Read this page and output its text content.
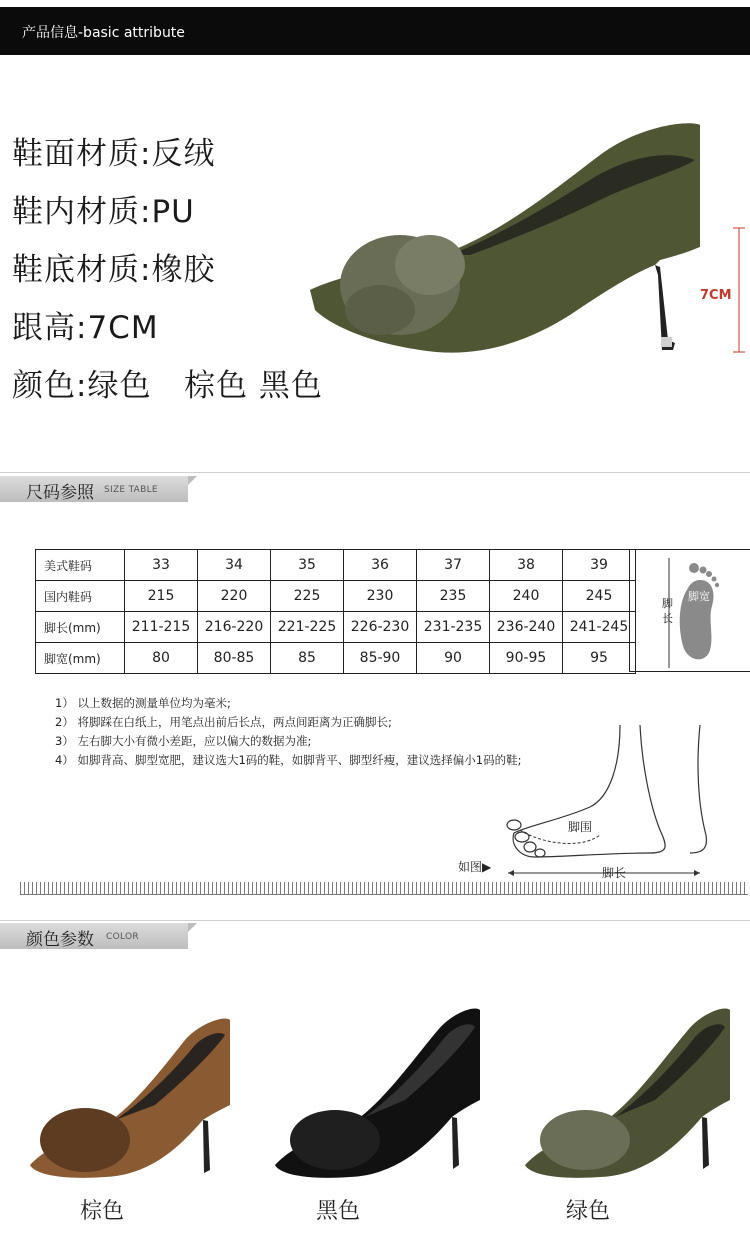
产品信息-basic attribute
鞋面材质:反绒
鞋内材质:PU
鞋底材质:橡胶
跟高:7CM
颜色:绿色   棕色 黑色
7CM
尺码参照 SIZE TABLE
美式鞋码	33	34	35	36	37	38	39
国内鞋码	215	220	225	230	235	240	245
脚长(mm)	211-215	216-220	221-225	226-230	231-235	236-240	241-245
脚宽(mm)	80	80-85	85	85-90	90	90-95	95
脚长
脚宽
1） 以上数据的测量单位均为毫米;
2） 将脚踩在白纸上，用笔点出前后长点，两点间距离为正确脚长;
3） 左右脚大小有微小差距，应以偏大的数据为准;
4） 如脚背高、脚型宽肥，建议选大1码的鞋，如脚背平、脚型纤瘦，建议选择偏小1码的鞋;
脚围
脚长
如图▶
颜色参数 COLOR
棕色	黑色	绿色
